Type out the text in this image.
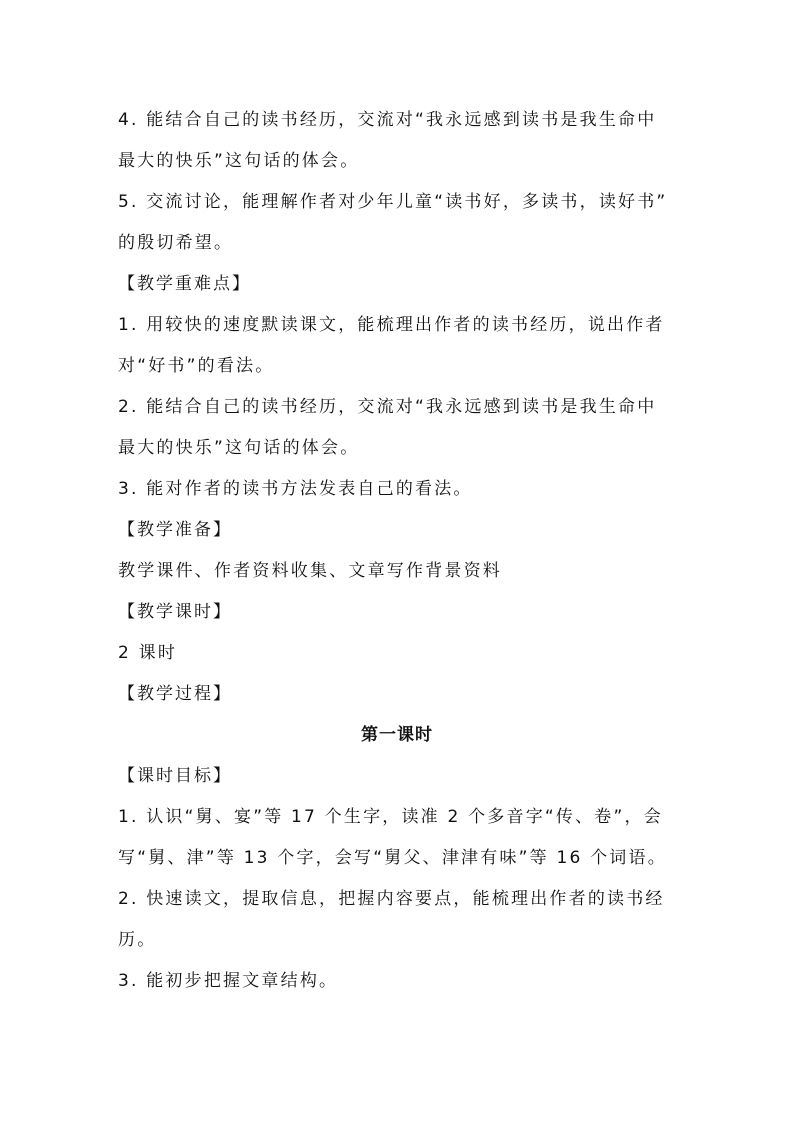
4. 能结合自己的读书经历，交流对“我永远感到读书是我生命中
最大的快乐”这句话的体会。
5. 交流讨论，能理解作者对少年儿童“读书好，多读书，读好书”
的殷切希望。
【教学重难点】
1. 用较快的速度默读课文，能梳理出作者的读书经历，说出作者
对“好书”的看法。
2. 能结合自己的读书经历，交流对“我永远感到读书是我生命中
最大的快乐”这句话的体会。
3. 能对作者的读书方法发表自己的看法。
【教学准备】
教学课件、作者资料收集、文章写作背景资料
【教学课时】
2 课时
【教学过程】
第一课时
【课时目标】
1. 认识“舅、宴”等 17 个生字，读准 2 个多音字“传、卷”，会
写“舅、津”等 13 个字，会写“舅父、津津有味”等 16 个词语。
2. 快速读文，提取信息，把握内容要点，能梳理出作者的读书经
历。
3. 能初步把握文章结构。
